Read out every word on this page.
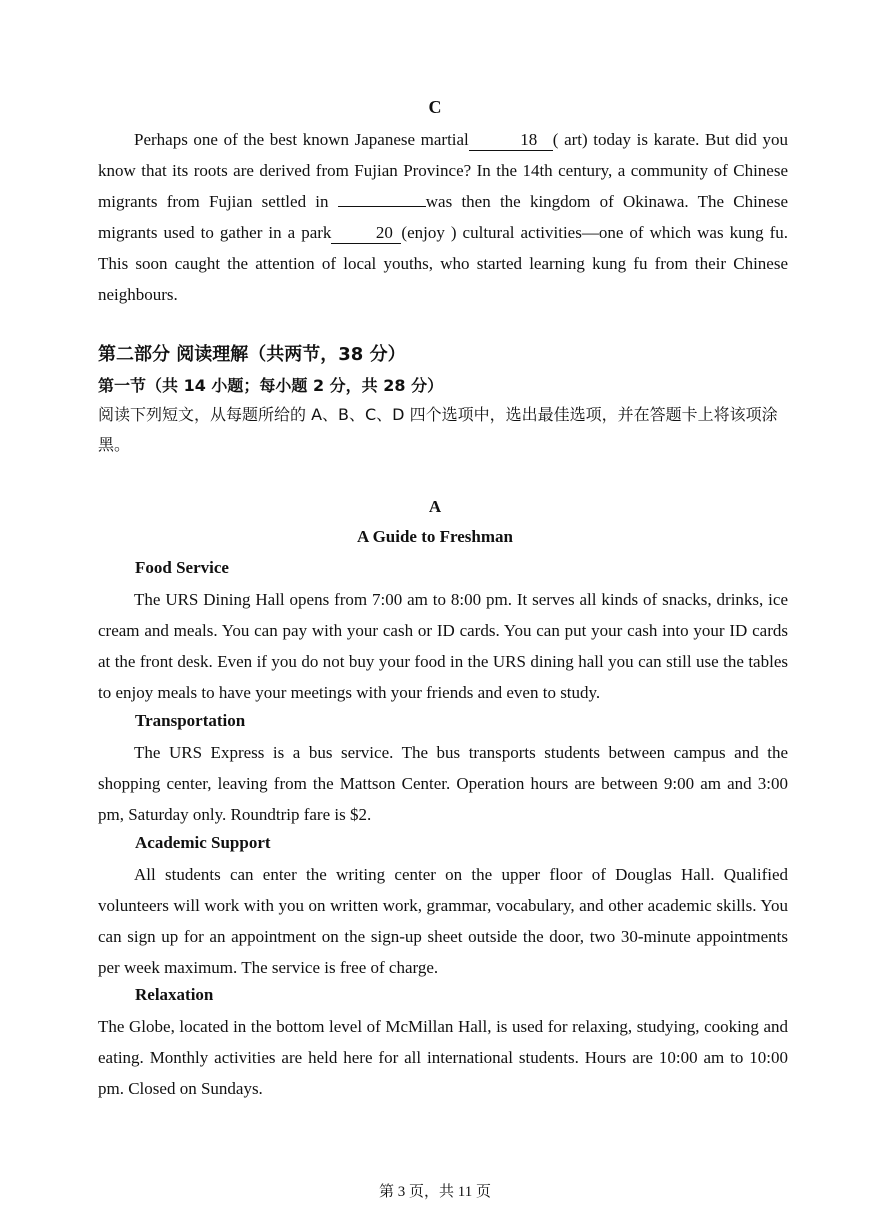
C
Perhaps one of the best known Japanese martial	18 ( art) today is karate. But did you know that its roots are derived from Fujian Province? In the 14th century, a community of Chinese migrants from Fujian settled in	was then the kingdom of Okinawa. The Chinese migrants used to gather in a park	20 (enjoy ) cultural activities—one of which was kung fu. This soon caught the attention of local youths, who started learning kung fu from their Chinese neighbours.
第二部分 阅读理解（共两节，38 分）
第一节（共 14 小题；每小题 2 分，共 28 分）
阅读下列短文，从每题所给的 A、B、C、D 四个选项中，选出最佳选项，并在答题卡上将该项涂黑。
A
A Guide to Freshman
Food Service
The URS Dining Hall opens from 7:00 am to 8:00 pm. It serves all kinds of snacks, drinks, ice cream and meals. You can pay with your cash or ID cards. You can put your cash into your ID cards at the front desk. Even if you do not buy your food in the URS dining hall you can still use the tables to enjoy meals to have your meetings with your friends and even to study.
Transportation
The URS Express is a bus service. The bus transports students between campus and the shopping center, leaving from the Mattson Center. Operation hours are between 9:00 am and 3:00 pm, Saturday only. Roundtrip fare is $2.
Academic Support
All students can enter the writing center on the upper floor of Douglas Hall. Qualified volunteers will work with you on written work, grammar, vocabulary, and other academic skills. You can sign up for an appointment on the sign-up sheet outside the door, two 30-minute appointments per week maximum. The service is free of charge.
Relaxation
The Globe, located in the bottom level of McMillan Hall, is used for relaxing, studying, cooking and eating. Monthly activities are held here for all international students. Hours are 10:00 am to 10:00 pm. Closed on Sundays.
第 3 页，共 11 页
